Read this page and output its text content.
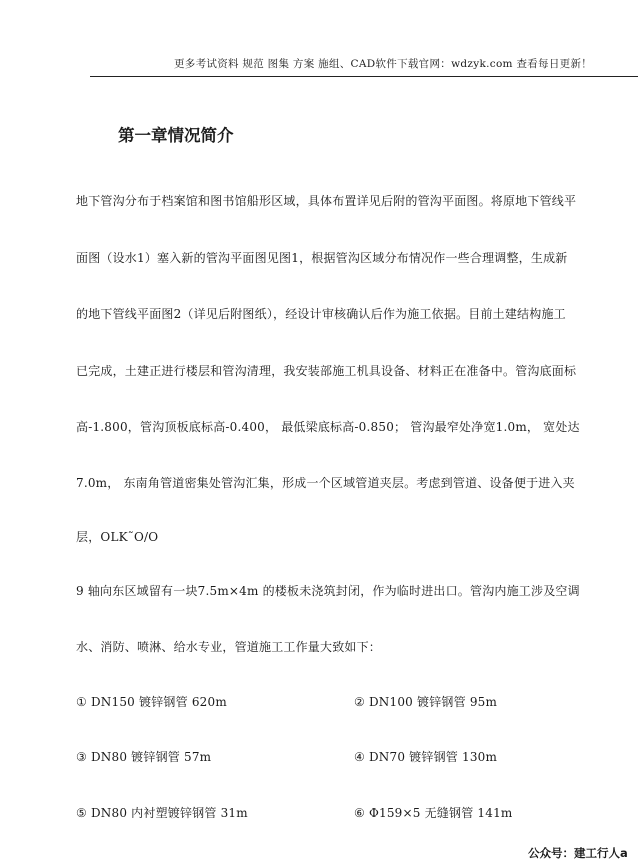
更多考试资料 规范 图集 方案 施组、CAD软件下载官网：wdzyk.com 查看每日更新！
第一章情况简介
地下管沟分布于档案馆和图书馆船形区域，具体布置详见后附的管沟平面图。将原地下管线平
面图（设水1）塞入新的管沟平面图见图1，根据管沟区域分布情况作一些合理调整，生成新
的地下管线平面图2（详见后附图纸），经设计审核确认后作为施工依据。目前土建结构施工
已完成，土建正进行楼层和管沟清理，我安装部施工机具设备、材料正在准备中。管沟底面标
高-1.800，管沟顶板底标高-0.400， 最低梁底标高-0.850； 管沟最窄处净宽1.0m， 宽处达
7.0m， 东南角管道密集处管沟汇集，形成一个区域管道夹层。考虑到管道、设备便于进入夹
层，OLK˜O/O
9 轴向东区域留有一块7.5m×4m 的楼板未浇筑封闭，作为临时进出口。管沟内施工涉及空调
水、消防、喷淋、给水专业，管道施工工作量大致如下：
① DN150 镀锌钢管 620m	② DN100 镀锌钢管 95m
③ DN80 镀锌钢管 57m	④ DN70 镀锌钢管 130m
⑤ DN80 内衬塑镀锌钢管 31m	⑥ Φ159×5 无缝钢管 141m
公众号：建工行人a
